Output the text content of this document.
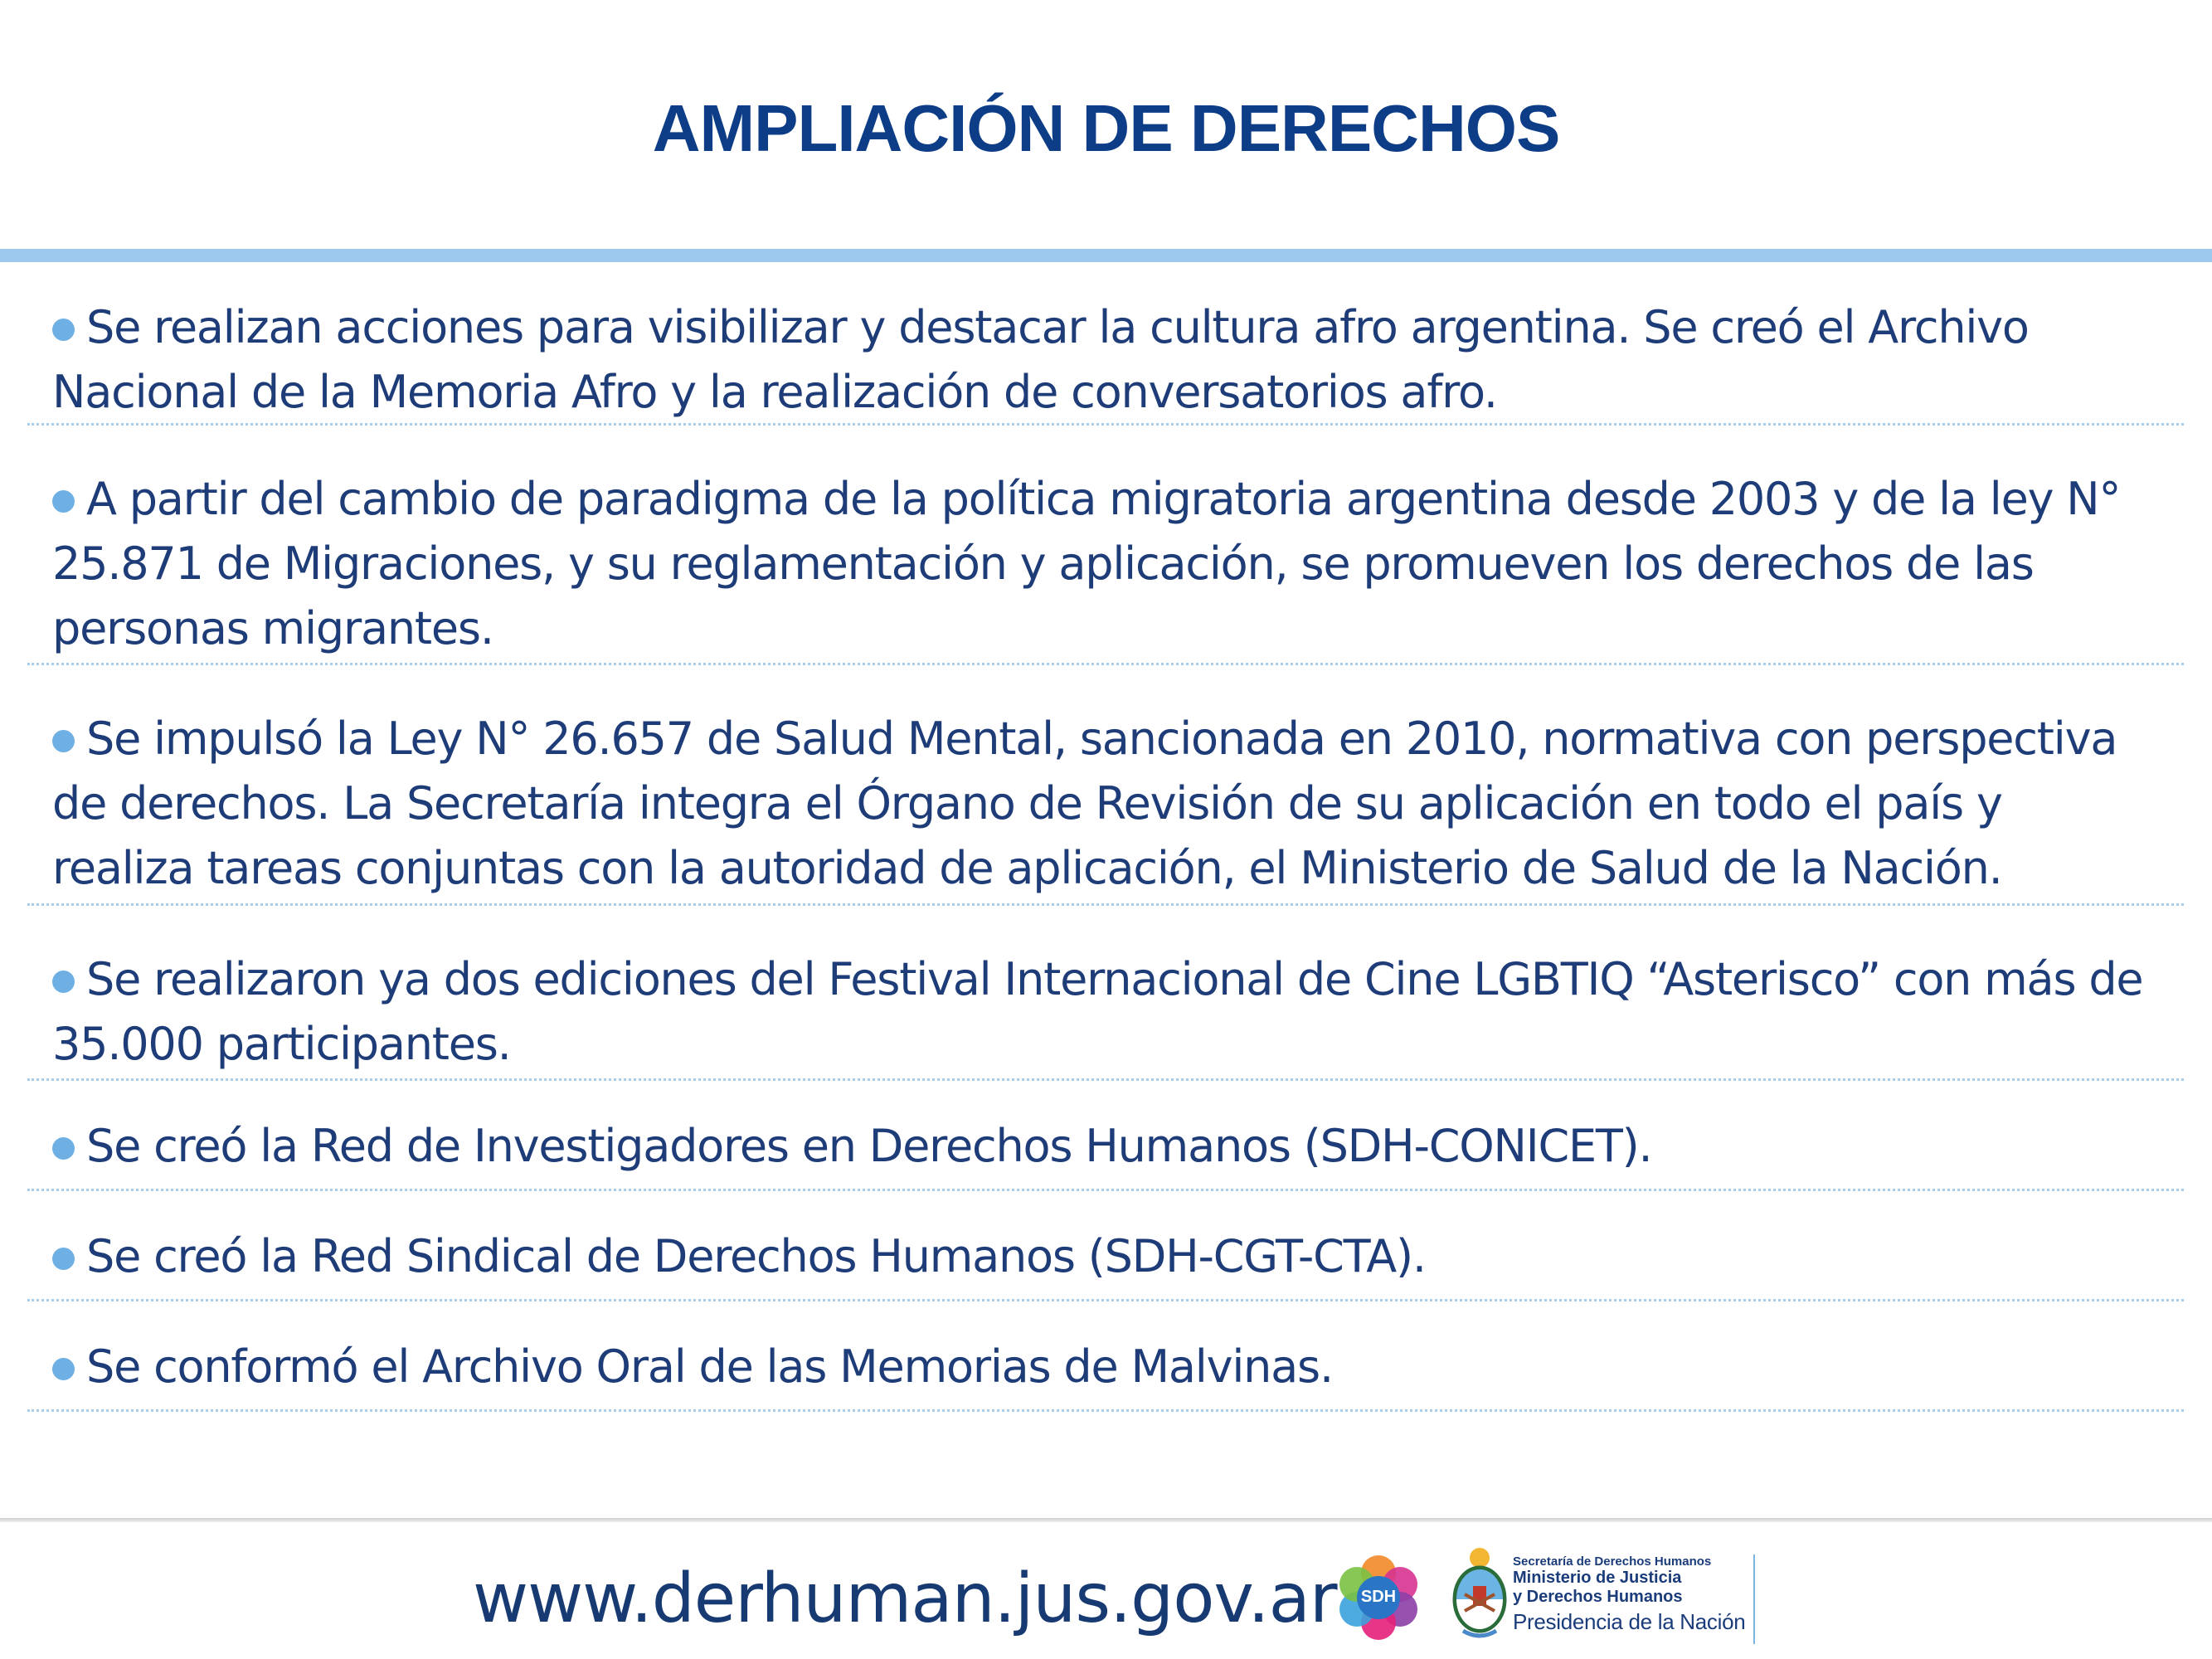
AMPLIACIÓN DE DERECHOS
Se realizan acciones para visibilizar y destacar la cultura afro argentina. Se creó el Archivo Nacional de la Memoria Afro y la realización de conversatorios afro.
A partir del cambio de paradigma de la política migratoria argentina desde 2003 y de la ley N° 25.871 de Migraciones, y su reglamentación y aplicación, se promueven los derechos de las personas migrantes.
Se impulsó la Ley N° 26.657 de Salud Mental, sancionada en 2010, normativa con perspectiva de derechos. La Secretaría integra el Órgano de Revisión de su aplicación en todo el país y realiza tareas conjuntas con la autoridad de aplicación, el Ministerio de Salud de la Nación.
Se realizaron ya dos ediciones del Festival Internacional de Cine LGBTIQ “Asterisco” con más de 35.000 participantes.
Se creó la Red de Investigadores en Derechos Humanos (SDH-CONICET).
Se creó la Red Sindical de Derechos Humanos (SDH-CGT-CTA).
Se conformó el Archivo Oral de las Memorias de Malvinas.
www.derhuman.jus.gov.ar	SDH
Secretaría de Derechos Humanos
Ministerio de Justicia
y Derechos Humanos
Presidencia de la Nación
